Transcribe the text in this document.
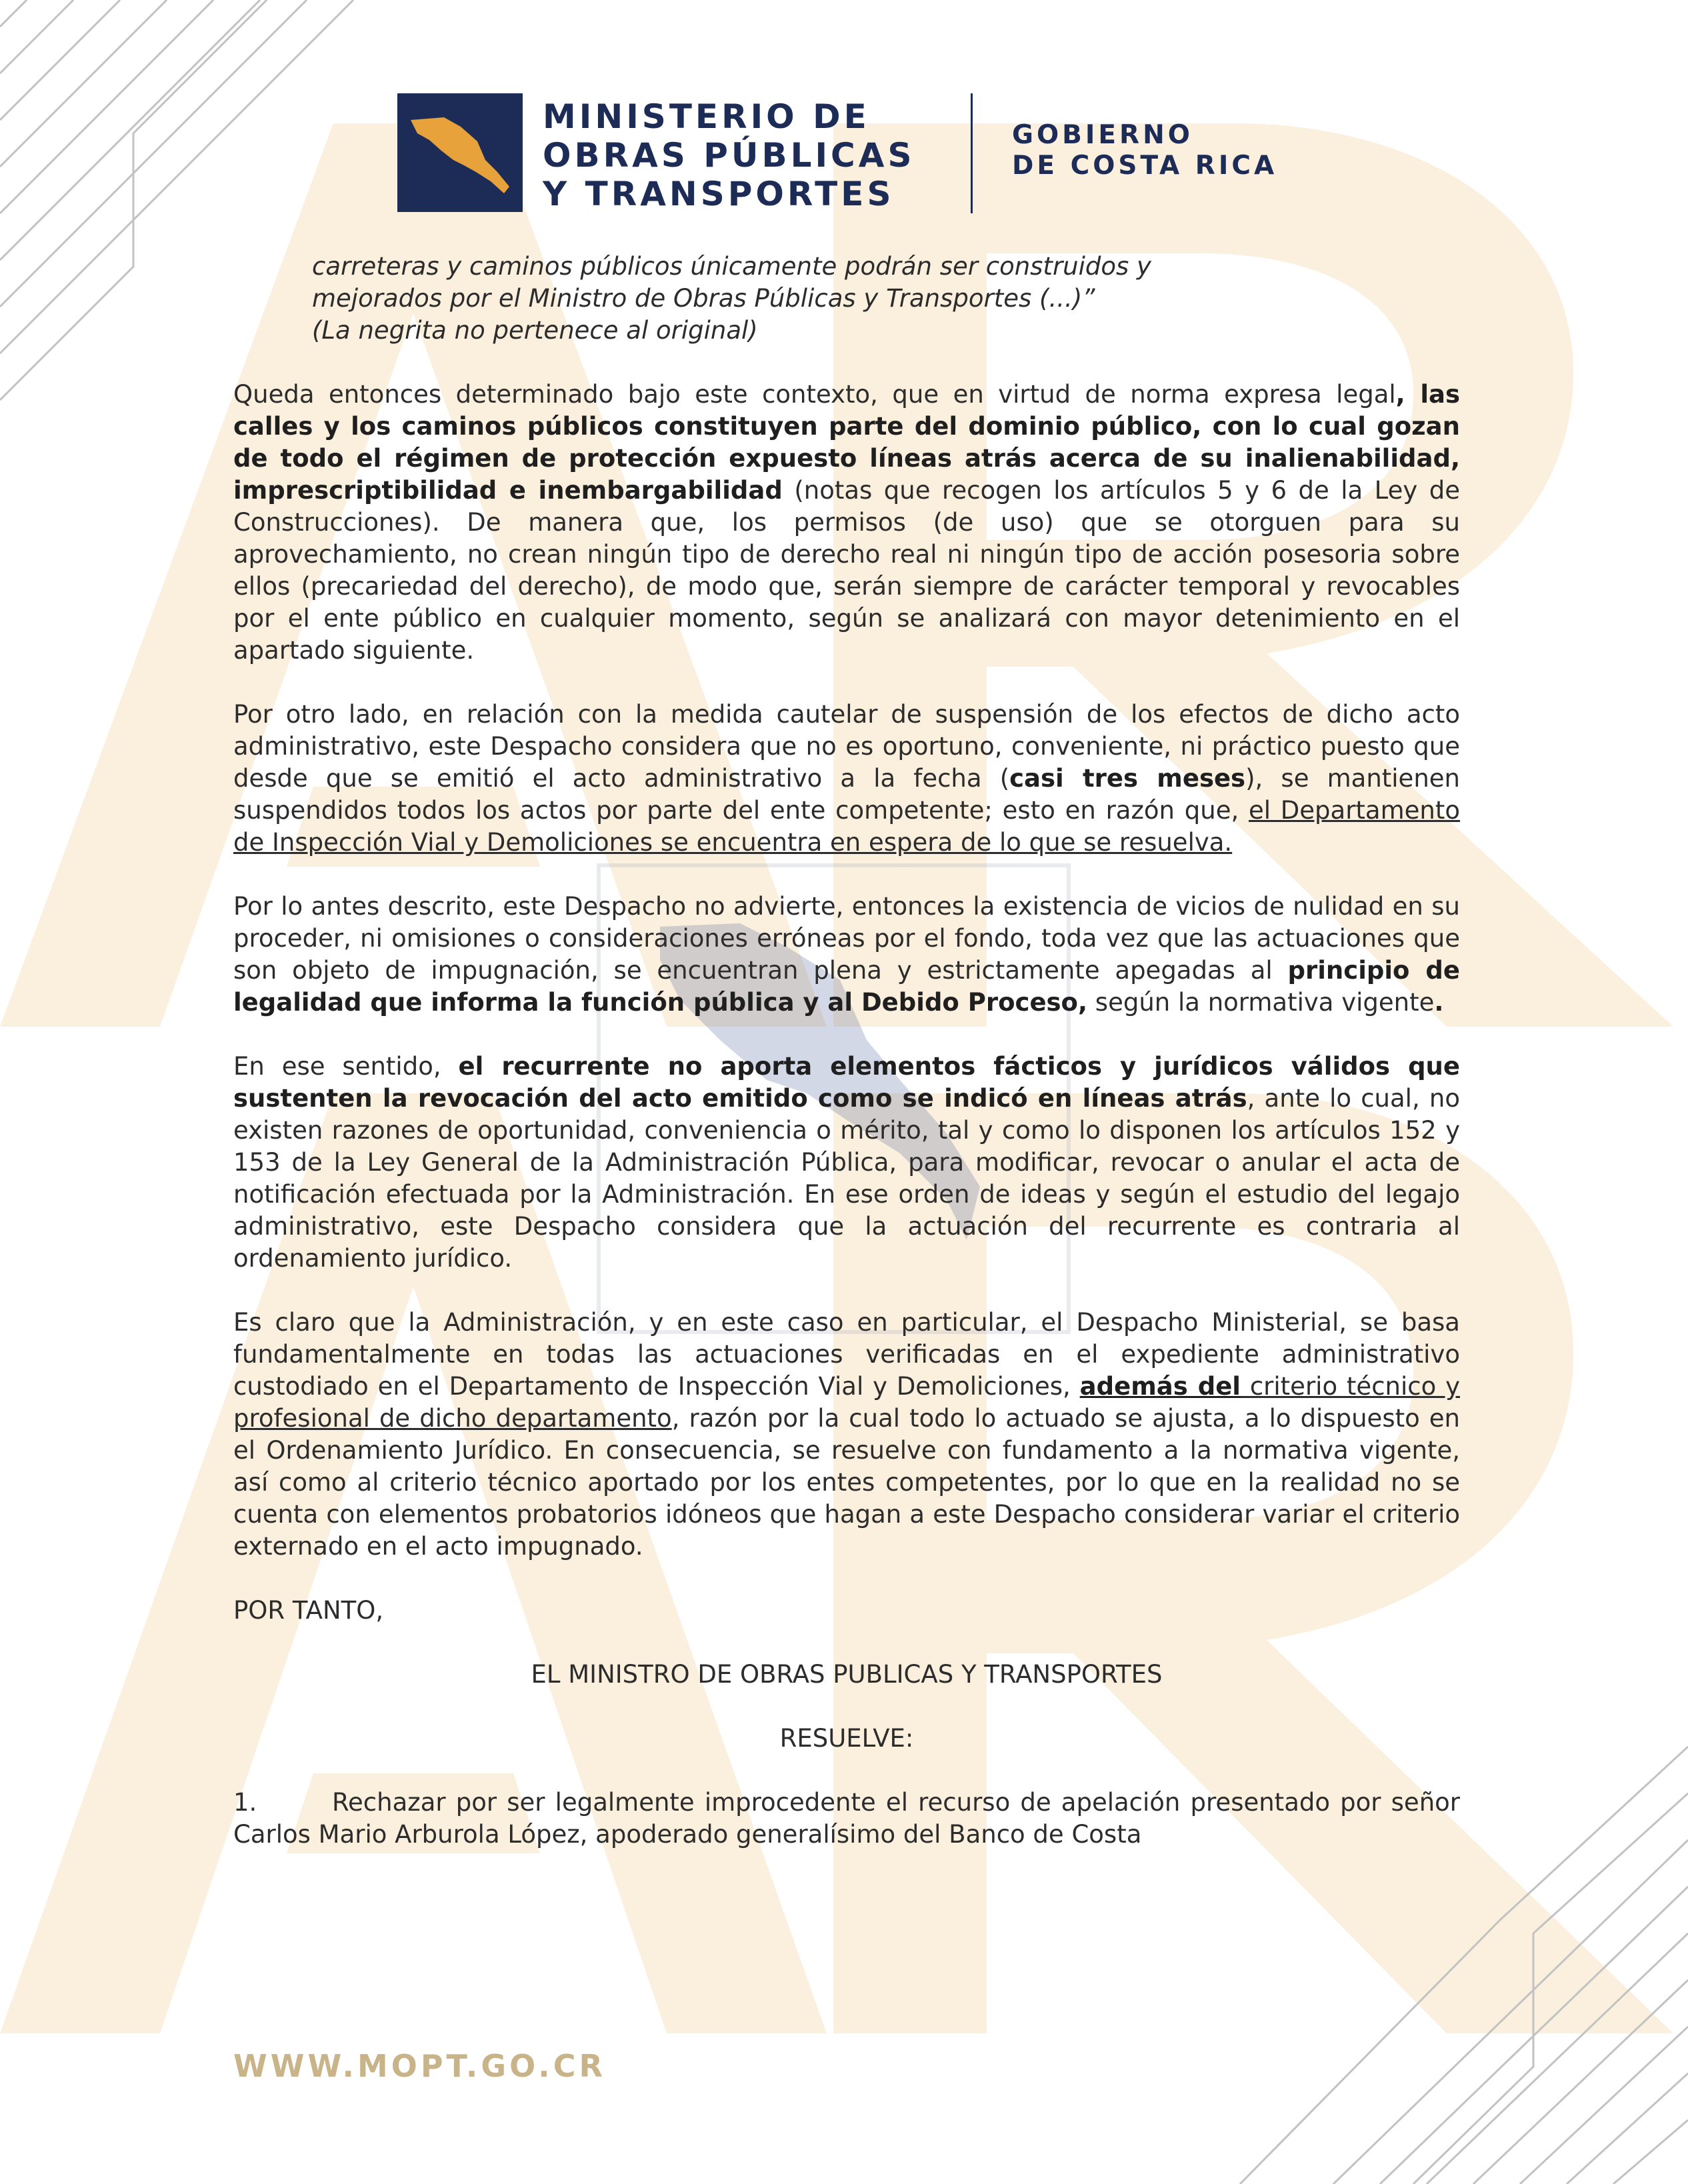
MINISTERIO DE
OBRAS PÚBLICAS
Y TRANSPORTES
GOBIERNO
DE COSTA RICA

carreteras y caminos públicos únicamente podrán ser construidos y

mejorados por el Ministro de Obras Públicas y Transportes (...)”

(La negrita no pertenece al original)

Queda entonces determinado bajo este contexto, que en virtud de norma expresa legal, las calles y los caminos públicos constituyen parte del dominio público, con lo cual gozan de todo el régimen de protección expuesto líneas atrás acerca de su inalienabilidad, imprescriptibilidad e inembargabilidad (notas que recogen los artículos 5 y 6 de la Ley de Construcciones). De manera que, los permisos (de uso) que se otorguen para su aprovechamiento, no crean ningún tipo de derecho real ni ningún tipo de acción posesoria sobre ellos (precariedad del derecho), de modo que, serán siempre de carácter temporal y revocables por el ente público en cualquier momento, según se analizará con mayor detenimiento en el apartado siguiente.

Por otro lado, en relación con la medida cautelar de suspensión de los efectos de dicho acto administrativo, este Despacho considera que no es oportuno, conveniente, ni práctico puesto que desde que se emitió el acto administrativo a la fecha (casi tres meses), se mantienen suspendidos todos los actos por parte del ente competente; esto en razón que, el Departamento de Inspección Vial y Demoliciones se encuentra en espera de lo que se resuelva.

Por lo antes descrito, este Despacho no advierte, entonces la existencia de vicios de nulidad en su proceder, ni omisiones o consideraciones erróneas por el fondo, toda vez que las actuaciones que son objeto de impugnación, se encuentran plena y estrictamente apegadas al principio de legalidad que informa la función pública y al Debido Proceso, según la normativa vigente.

En ese sentido, el recurrente no aporta elementos fácticos y jurídicos válidos que sustenten la revocación del acto emitido como se indicó en líneas atrás, ante lo cual, no existen razones de oportunidad, conveniencia o mérito, tal y como lo disponen los artículos 152 y 153 de la Ley General de la Administración Pública, para modificar, revocar o anular el acta de notificación efectuada por la Administración. En ese orden de ideas y según el estudio del legajo administrativo, este Despacho considera que la actuación del recurrente es contraria al ordenamiento jurídico.

Es claro que la Administración, y en este caso en particular, el Despacho Ministerial, se basa fundamentalmente en todas las actuaciones verificadas en el expediente administrativo custodiado en el Departamento de Inspección Vial y Demoliciones, además del criterio técnico y profesional de dicho departamento, razón por la cual todo lo actuado se ajusta, a lo dispuesto en el Ordenamiento Jurídico. En consecuencia, se resuelve con fundamento a la normativa vigente, así como al criterio técnico aportado por los entes competentes, por lo que en la realidad no se cuenta con elementos probatorios idóneos que hagan a este Despacho considerar variar el criterio externado en el acto impugnado.

POR TANTO,

EL MINISTRO DE OBRAS PUBLICAS Y TRANSPORTES

RESUELVE:

1.	Rechazar por ser legalmente improcedente el recurso de apelación presentado por señor Carlos Mario Arburola López, apoderado generalísimo del Banco de Costa

WWW.MOPT.GO.CR
